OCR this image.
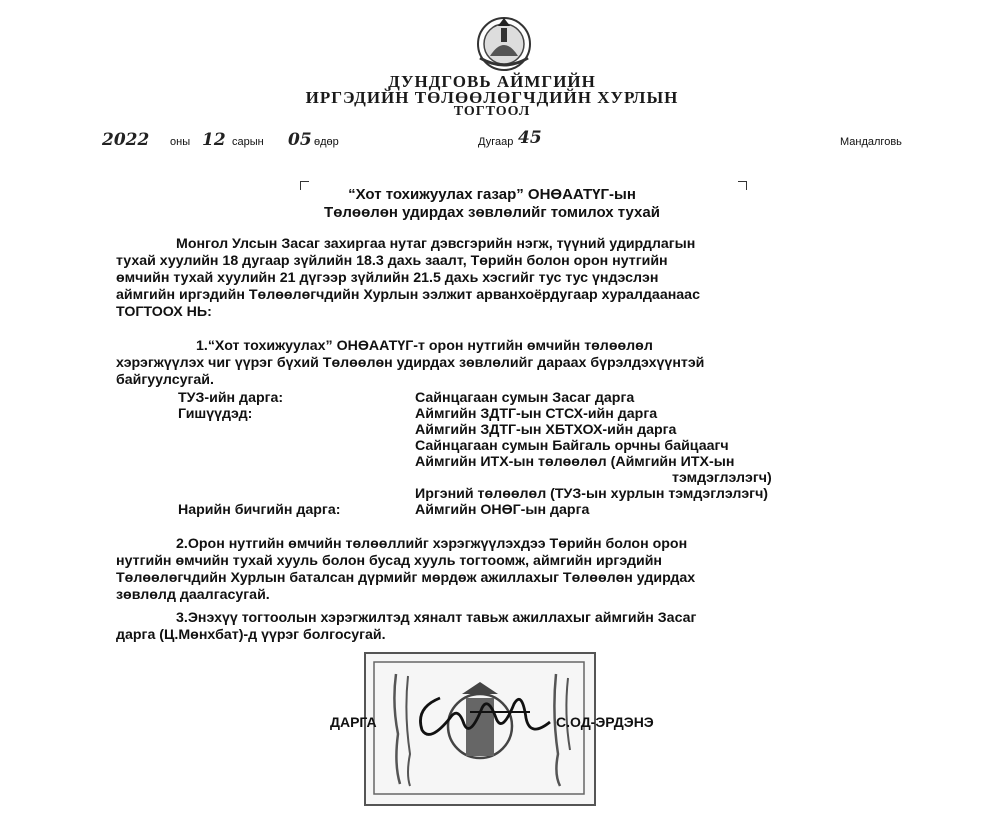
ДУНДГОВЬ АЙМГИЙН
ИРГЭДИЙН ТӨЛӨӨЛӨГЧДИЙН ХУРЛЫН
ТОГТООЛ
2022 оны 12 сарын 05 өдөр	Дугаар 45	Мандалговь
“Хот тохижуулах газар” ОНӨААТҮГ-ын
Төлөөлөн удирдах зөвлөлийг томилох тухай
Монгол Улсын Засаг захиргаа нутаг дэвсгэрийн нэгж, түүний удирдлагын
тухай хуулийн 18 дугаар зүйлийн 18.3 дахь заалт, Төрийн болон орон нутгийн
өмчийн тухай хуулийн 21 дүгээр зүйлийн 21.5 дахь хэсгийг тус тус үндэслэн
аймгийн иргэдийн Төлөөлөгчдийн Хурлын ээлжит арванхоёрдугаар хуралдаанаас
ТОГТООХ НЬ:
1.“Хот тохижуулах” ОНӨААТҮГ-т орон нутгийн өмчийн төлөөлөл
хэрэгжүүлэх чиг үүрэг бүхий Төлөөлөн удирдах зөвлөлийг дараах бүрэлдэхүүнтэй
байгуулсугай.
ТУЗ-ийн дарга:	Сайнцагаан сумын Засаг дарга
Гишүүдэд:	Аймгийн ЗДТГ-ын СТСХ-ийн дарга
Аймгийн ЗДТГ-ын ХБТХОХ-ийн дарга
Сайнцагаан сумын Байгаль орчны байцаагч
Аймгийн ИТХ-ын төлөөлөл (Аймгийн ИТХ-ын
тэмдэглэлэгч)
Иргэний төлөөлөл (ТУЗ-ын хурлын тэмдэглэлэгч)
Нарийн бичгийн дарга:	Аймгийн ОНӨГ-ын дарга
2.Орон нутгийн өмчийн төлөөллийг хэрэгжүүлэхдээ Төрийн болон орон
нутгийн өмчийн тухай хууль болон бусад хууль тогтоомж, аймгийн иргэдийн
Төлөөлөгчдийн Хурлын баталсан дүрмийг мөрдөж ажиллахыг Төлөөлөн удирдах
зөвлөлд даалгасугай.
3.Энэхүү тогтоолын хэрэгжилтэд хяналт тавьж ажиллахыг аймгийн Засаг
дарга (Ц.Мөнхбат)-д үүрэг болгосугай.
ДАРГА	С.ОД-ЭРДЭНЭ
